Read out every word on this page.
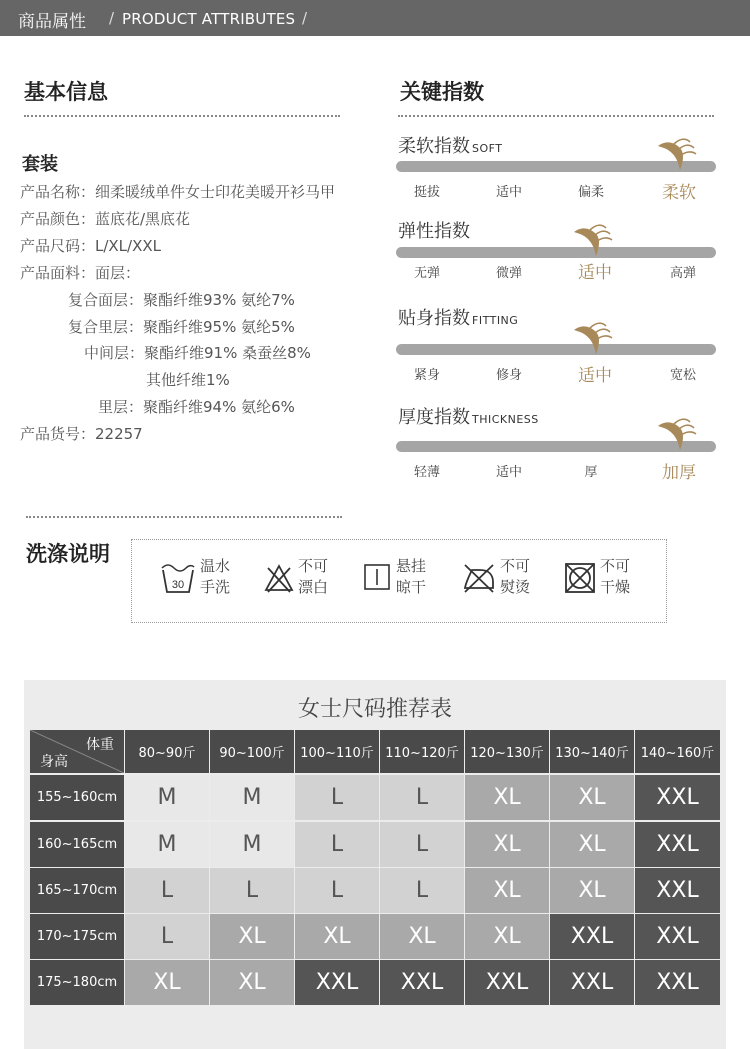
商品属性 / PRODUCT ATTRIBUTES /
基本信息
套装
产品名称：细柔暖绒单件女士印花美暖开衫马甲
产品颜色：蓝底花/黑底花
产品尺码：L/XL/XXL
产品面料：面层：
复合面层：聚酯纤维93% 氨纶7%
复合里层：聚酯纤维95% 氨纶5%
中间层：聚酯纤维91% 桑蚕丝8%
其他纤维1%
里层：聚酯纤维94% 氨纶6%
产品货号：22257
关键指数
柔软指数 SOFT
挺拔	适中	偏柔	柔软
弹性指数
无弹	微弹	适中	高弹
贴身指数 FITTING
紧身	修身	适中	宽松
厚度指数 THICKNESS
轻薄	适中	厚	加厚
洗涤说明
30
温水
手洗
不可
漂白
悬挂
晾干
不可
熨烫
不可
干燥
女士尺码推荐表
体重
身高
80~90斤	90~100斤	100~110斤 110~120斤 120~130斤 130~140斤 140~160斤
155~160cm	M	M	L	L	XL	XL	XXL
160~165cm	M	M	L	L	XL	XL	XXL
165~170cm	L	L	L	L	XL	XL	XXL
170~175cm	L	XL	XL	XL	XL	XXL	XXL
175~180cm	XL	XL	XXL	XXL	XXL	XXL	XXL
